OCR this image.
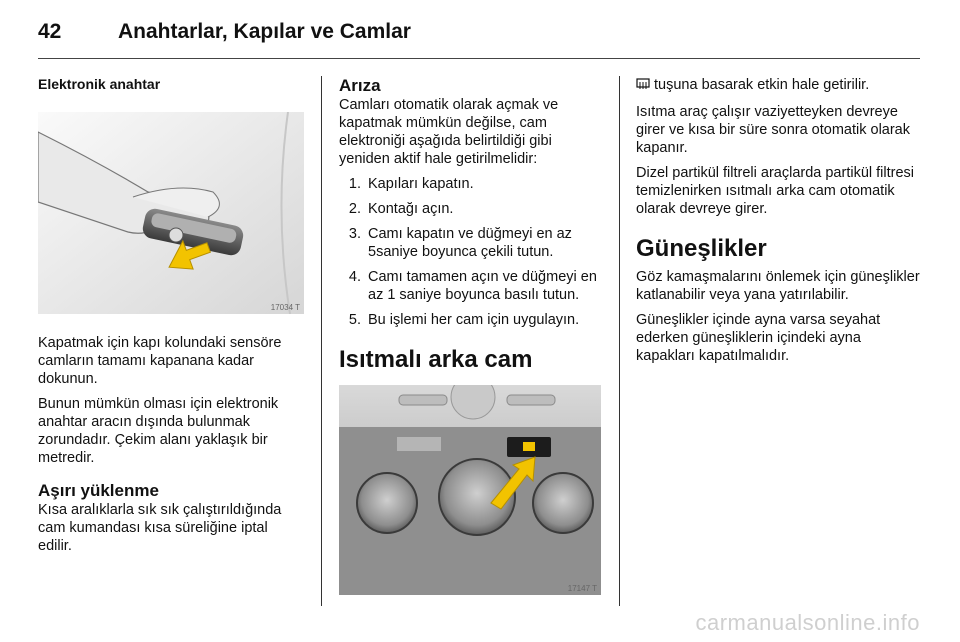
42	Anahtarlar, Kapılar ve Camlar
Elektronik anahtar
17034 T

Kapatmak için kapı kolundaki sensöre camların tamamı kapanana kadar dokunun.

Bunun mümkün olması için elektronik anahtar aracın dışında bulunmak zorundadır. Çekim alanı yaklaşık bir metredir.

Aşırı yüklenme

Kısa aralıklarla sık sık çalıştırıldığında cam kumandası kısa süreliğine iptal edilir.

Arıza

Camları otomatik olarak açmak ve kapatmak mümkün değilse, cam elektroniği aşağıda belirtildiği gibi yeniden aktif hale getirilmelidir:

1. Kapıları kapatın.
2. Kontağı açın.
3. Camı kapatın ve düğmeyi en az 5saniye boyunca çekili tutun.
4. Camı tamamen açın ve düğmeyi en az 1 saniye boyunca basılı tutun.
5. Bu işlemi her cam için uygulayın.
Isıtmalı arka cam
17147 T

tuşuna basarak etkin hale getirilir.

Isıtma araç çalışır vaziyetteyken devreye girer ve kısa bir süre sonra otomatik olarak kapanır.

Dizel partikül filtreli araçlarda partikül filtresi temizlenirken ısıtmalı arka cam otomatik olarak devreye girer.

Güneşlikler

Göz kamaşmalarını önlemek için güneşlikler katlanabilir veya yana yatırılabilir.

Güneşlikler içinde ayna varsa seyahat ederken güneşliklerin içindeki ayna kapakları kapatılmalıdır.

carmanualsonline.info
